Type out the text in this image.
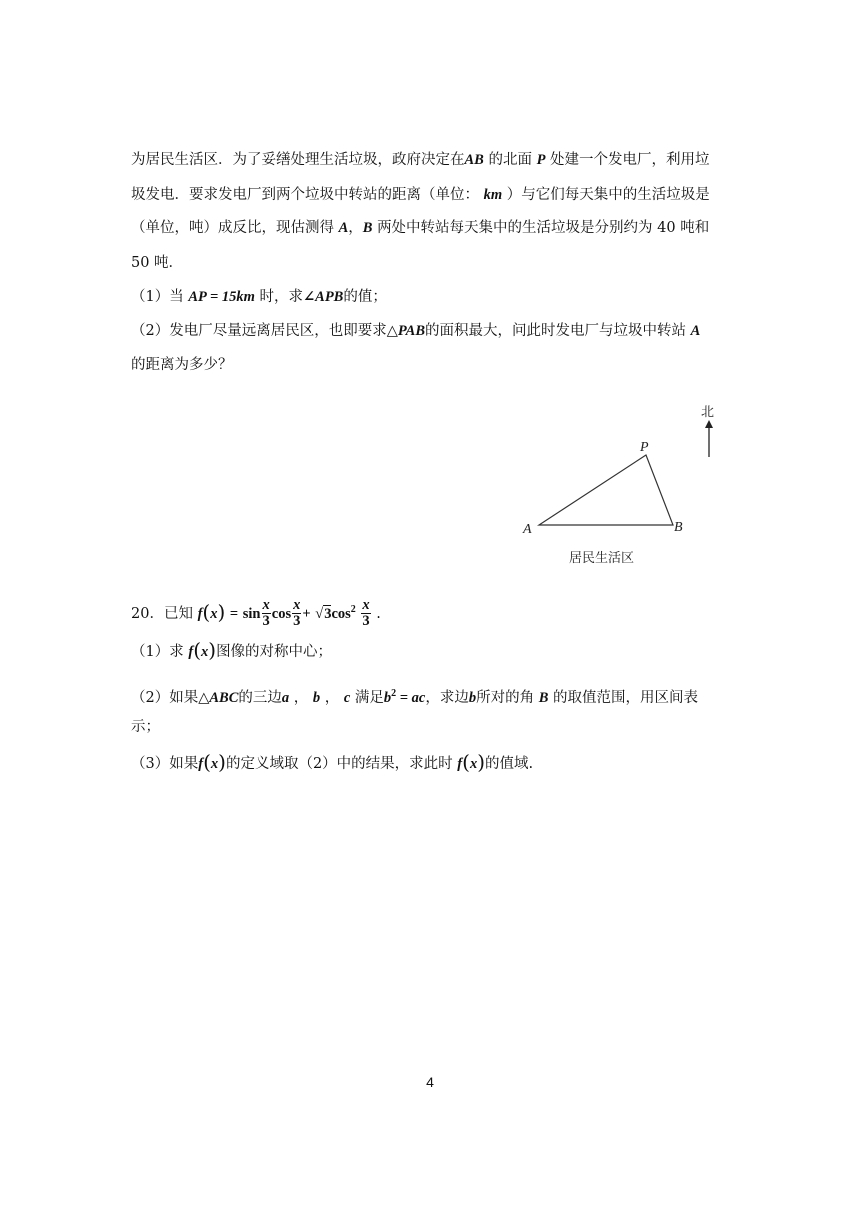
为居民生活区．为了妥缮处理生活垃圾，政府决定在AB 的北面 P 处建一个发电厂，利用垃
圾发电．要求发电厂到两个垃圾中转站的距离（单位： km ）与它们每天集中的生活垃圾是
（单位，吨）成反比，现估测得 A，B 两处中转站每天集中的生活垃圾是分别约为 40 吨和
50 吨．
（1）当 AP = 15km 时，求∠APB的值；
（2）发电厂尽量远离居民区，也即要求△PAB的面积最大，问此时发电厂与垃圾中转站 A
的距离为多少？
北
P
A	B
居民生活区
20．已知 $f(x) = \sin \frac{x}{3}$ $\cos \frac{x}{3} + √3\cos^2 \frac{x}{3}$ .
（1）求 f(x)图像的对称中心；
（2）如果△ABC的三边a ， b ， c 满足$b^2$ = ac，求边b所对的角 B 的取值范围，用区间表
示；
（3）如果f(x)的定义域取（2）中的结果，求此时 f(x)的值域.
4
